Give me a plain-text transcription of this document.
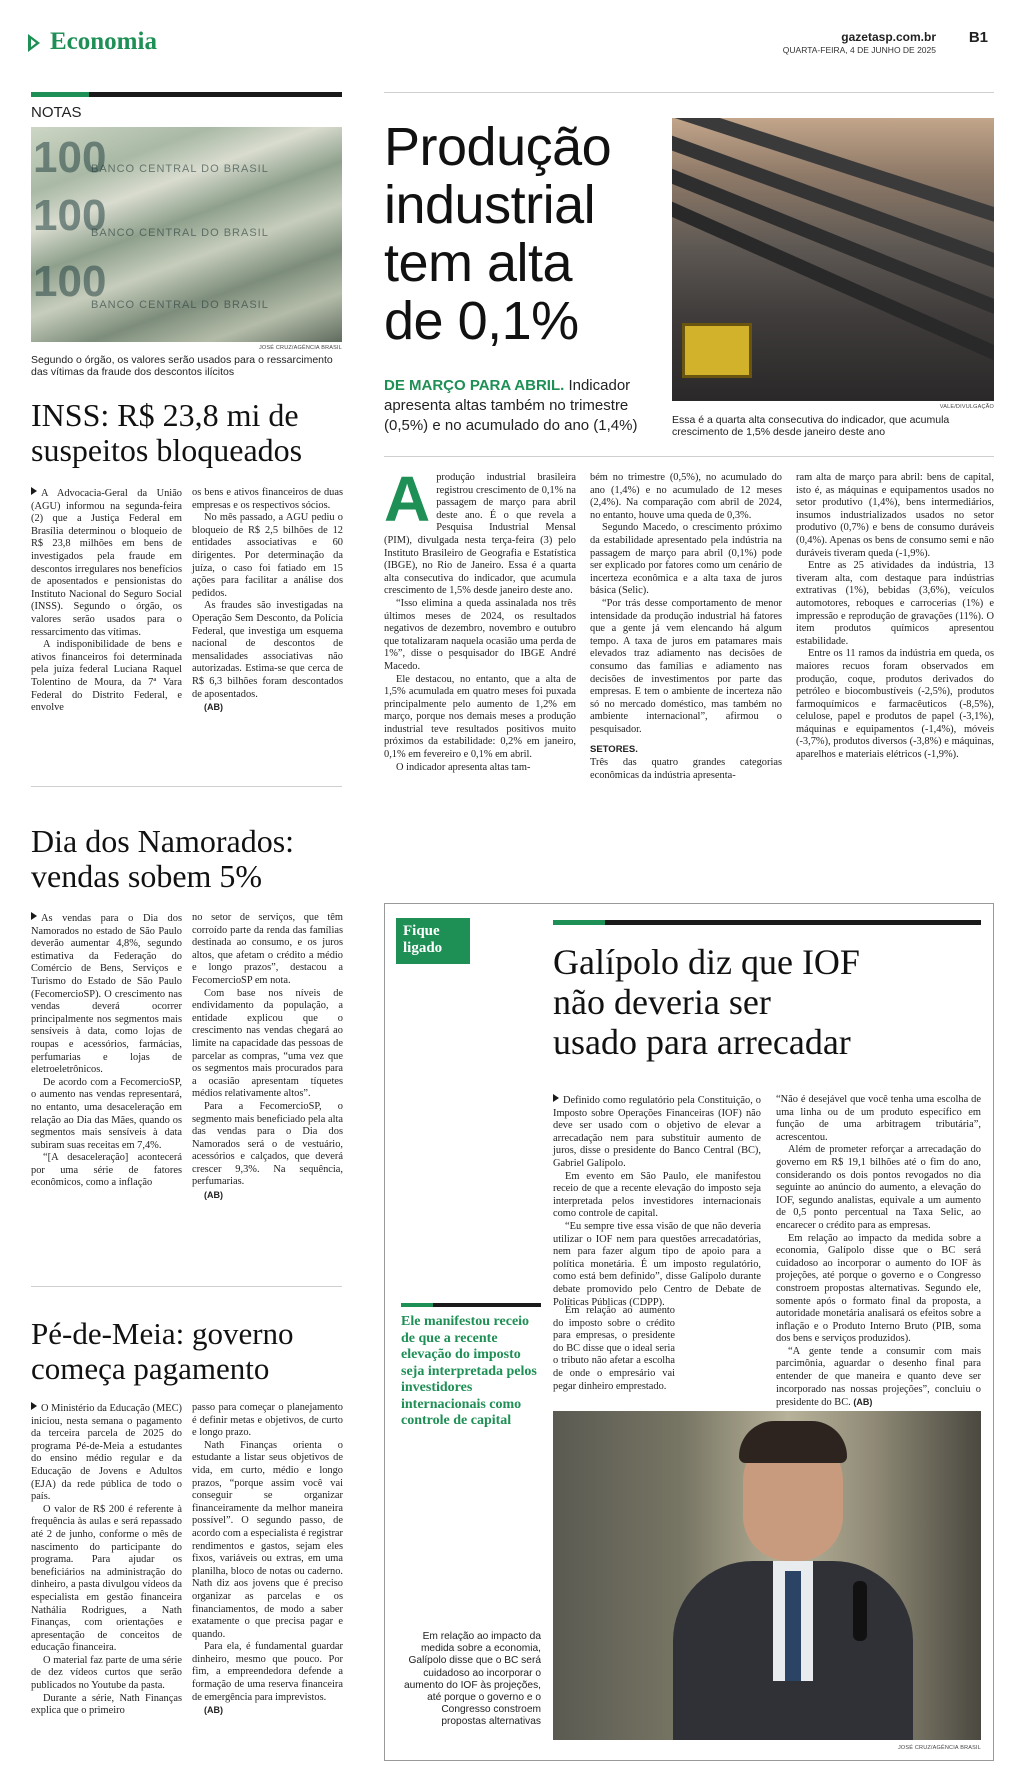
Economia	gazetasp.com.br
QUARTA-FEIRA, 4 DE JUNHO DE 2025
B1
NOTAS
100
100
100
BANCO CENTRAL DO BRASIL
BANCO CENTRAL DO BRASIL
BANCO CENTRAL DO BRASIL
JOSÉ CRUZ/AGÊNCIA BRASIL
Segundo o órgão, os valores serão usados para o ressarcimento das vítimas da fraude dos descontos ilícitos
INSS: R$ 23,8 mi de suspeitos bloqueados

A Advocacia-Geral da União (AGU) informou na segunda-feira (2) que a Justiça Federal em Brasília determinou o bloqueio de R$ 23,8 milhões em bens de investigados pela fraude em descontos irregulares nos benefícios de aposentados e pensionistas do Instituto Nacional do Seguro Social (INSS). Segundo o órgão, os valores serão usados para o ressarcimento das vítimas.

A indisponibilidade de bens e ativos financeiros foi determinada pela juíza federal Luciana Raquel Tolentino de Moura, da 7ª Vara Federal do Distrito Federal, e envolve

os bens e ativos financeiros de duas empresas e os respectivos sócios.

No mês passado, a AGU pediu o bloqueio de R$ 2,5 bilhões de 12 entidades associativas e 60 dirigentes. Por determinação da juíza, o caso foi fatiado em 15 ações para facilitar a análise dos pedidos.

As fraudes são investigadas na Operação Sem Desconto, da Polícia Federal, que investiga um esquema nacional de descontos de mensalidades associativas não autorizadas. Estima-se que cerca de R$ 6,3 bilhões foram descontados de aposentados.

(AB)

Dia dos Namorados: vendas sobem 5%

As vendas para o Dia dos Namorados no estado de São Paulo deverão aumentar 4,8%, segundo estimativa da Federação do Comércio de Bens, Serviços e Turismo do Estado de São Paulo (FecomercioSP). O crescimento nas vendas deverá ocorrer principalmente nos segmentos mais sensíveis à data, como lojas de roupas e acessórios, farmácias, perfumarias e lojas de eletroeletrônicos.

De acordo com a FecomercioSP, o aumento nas vendas representará, no entanto, uma desaceleração em relação ao Dia das Mães, quando os segmentos mais sensíveis à data subiram suas receitas em 7,4%.

“[A desaceleração] acontecerá por uma série de fatores econômicos, como a inflação

no setor de serviços, que têm corroído parte da renda das famílias destinada ao consumo, e os juros altos, que afetam o crédito a médio e longo prazos”, destacou a FecomercioSP em nota.

Com base nos níveis de endividamento da população, a entidade explicou que o crescimento nas vendas chegará ao limite na capacidade das pessoas de parcelar as compras, “uma vez que os segmentos mais procurados para a ocasião apresentam tíquetes médios relativamente altos”.

Para a FecomercioSP, o segmento mais beneficiado pela alta das vendas para o Dia dos Namorados será o de vestuário, acessórios e calçados, que deverá crescer 9,3%. Na sequência, perfumarias.

(AB)

Pé-de-Meia: governo começa pagamento

O Ministério da Educação (MEC) iniciou, nesta semana o pagamento da terceira parcela de 2025 do programa Pé-de-Meia a estudantes do ensino médio regular e da Educação de Jovens e Adultos (EJA) da rede pública de todo o país.

O valor de R$ 200 é referente à frequência às aulas e será repassado até 2 de junho, conforme o mês de nascimento do participante do programa. Para ajudar os beneficiários na administração do dinheiro, a pasta divulgou vídeos da especialista em gestão financeira Nathália Rodrigues, a Nath Finanças, com orientações e apresentação de conceitos de educação financeira.

O material faz parte de uma série de dez vídeos curtos que serão publicados no Youtube da pasta.

Durante a série, Nath Finanças explica que o primeiro

passo para começar o planejamento é definir metas e objetivos, de curto e longo prazo.

Nath Finanças orienta o estudante a listar seus objetivos de vida, em curto, médio e longo prazos, “porque assim você vai conseguir se organizar financeiramente da melhor maneira possível”. O segundo passo, de acordo com a especialista é registrar rendimentos e gastos, sejam eles fixos, variáveis ou extras, em uma planilha, bloco de notas ou caderno. Nath diz aos jovens que é preciso organizar as parcelas e os financiamentos, de modo a saber exatamente o que precisa pagar e quando.

Para ela, é fundamental guardar dinheiro, mesmo que pouco. Por fim, a empreendedora defende a formação de uma reserva financeira de emergência para imprevistos.

(AB)

Produção industrial tem alta de 0,1%
DE MARÇO PARA ABRIL. Indicador apresenta altas também no trimestre (0,5%) e no acumulado do ano (1,4%)
VALE/DIVULGAÇÃO
Essa é a quarta alta consecutiva do indicador, que acumula crescimento de 1,5% desde janeiro deste ano
A produção industrial brasileira registrou crescimento de 0,1% na passagem de março para abril deste ano. É o que revela a Pesquisa Industrial Mensal (PIM), divulgada nesta terça-feira (3) pelo Instituto Brasileiro de Geografia e Estatística (IBGE), no Rio de Janeiro. Essa é a quarta alta consecutiva do indicador, que acumula crescimento de 1,5% desde janeiro deste ano.

“Isso elimina a queda assinalada nos três últimos meses de 2024, os resultados negativos de dezembro, novembro e outubro que totalizaram naquela ocasião uma perda de 1%”, disse o pesquisador do IBGE André Macedo.

Ele destacou, no entanto, que a alta de 1,5% acumulada em quatro meses foi puxada principalmente pelo aumento de 1,2% em março, porque nos demais meses a produção industrial teve resultados positivos muito próximos da estabilidade: 0,2% em janeiro, 0,1% em fevereiro e 0,1% em abril.

O indicador apresenta altas tam-

bém no trimestre (0,5%), no acumulado do ano (1,4%) e no acumulado de 12 meses (2,4%). Na comparação com abril de 2024, no entanto, houve uma queda de 0,3%.

Segundo Macedo, o crescimento próximo da estabilidade apresentado pela indústria na passagem de março para abril (0,1%) pode ser explicado por fatores como um cenário de incerteza econômica e a alta taxa de juros básica (Selic).

“Por trás desse comportamento de menor intensidade da produção industrial há fatores que a gente já vem elencando há algum tempo. A taxa de juros em patamares mais elevados traz adiamento nas decisões de consumo das famílias e adiamento nas decisões de investimentos por parte das empresas. E tem o ambiente de incerteza não só no mercado doméstico, mas também no ambiente internacional”, afirmou o pesquisador.

SETORES.

Três das quatro grandes categorias econômicas da indústria apresenta-

ram alta de março para abril: bens de capital, isto é, as máquinas e equipamentos usados no setor produtivo (1,4%), bens intermediários, insumos industrializados usados no setor produtivo (0,7%) e bens de consumo duráveis (0,4%). Apenas os bens de consumo semi e não duráveis tiveram queda (-1,9%).

Entre as 25 atividades da indústria, 13 tiveram alta, com destaque para indústrias extrativas (1%), bebidas (3,6%), veículos automotores, reboques e carrocerias (1%) e impressão e reprodução de gravações (11%). O item produtos químicos apresentou estabilidade.

Entre os 11 ramos da indústria em queda, os maiores recuos foram observados em produção, coque, produtos derivados do petróleo e biocombustíveis (-2,5%), produtos farmoquímicos e farmacêuticos (-8,5%), celulose, papel e produtos de papel (-3,1%), máquinas e equipamentos (-1,4%), móveis (-3,7%), produtos diversos (-3,8%) e máquinas, aparelhos e materiais elétricos (-1,9%).

Fique ligado	Galípolo diz que IOF não deveria ser usado para arrecadar

Definido como regulatório pela Constituição, o Imposto sobre Operações Financeiras (IOF) não deve ser usado com o objetivo de elevar a arrecadação nem para substituir aumento de juros, disse o presidente do Banco Central (BC), Gabriel Galípolo.

Em evento em São Paulo, ele manifestou receio de que a recente elevação do imposto seja interpretada pelos investidores internacionais como controle de capital.

“Eu sempre tive essa visão de que não deveria utilizar o IOF nem para questões arrecadatórias, nem para fazer algum tipo de apoio para a política monetária. É um imposto regulatório, como está bem definido”, disse Galípolo durante debate promovido pelo Centro de Debate de Políticas Públicas (CDPP).

Em relação ao aumento do imposto sobre o crédito para empresas, o presidente do BC disse que o ideal seria o tributo não afetar a escolha de onde o empresário vai pegar dinheiro emprestado.

“Não é desejável que você tenha uma escolha de uma linha ou de um produto específico em função de uma arbitragem tributária”, acrescentou.

Além de prometer reforçar a arrecadação do governo em R$ 19,1 bilhões até o fim do ano, considerando os dois pontos revogados no dia seguinte ao anúncio do aumento, a elevação do IOF, segundo analistas, equivale a um aumento de 0,5 ponto percentual na Taxa Selic, ao encarecer o crédito para as empresas.

Em relação ao impacto da medida sobre a economia, Galípolo disse que o BC será cuidadoso ao incorporar o aumento do IOF às projeções, até porque o governo e o Congresso constroem propostas alternativas. Segundo ele, somente após o formato final da proposta, a autoridade monetária analisará os efeitos sobre a inflação e o Produto Interno Bruto (PIB, soma dos bens e serviços produzidos).

“A gente tende a consumir com mais parcimônia, aguardar o desenho final para entender de que maneira e quanto deve ser incorporado nas nossas projeções”, concluiu o presidente do BC. (AB)

Ele manifestou receio de que a recente elevação do imposto seja interpretada pelos investidores internacionais como controle de capital
Em relação ao impacto da medida sobre a economia, Galípolo disse que o BC será cuidadoso ao incorporar o aumento do IOF às projeções, até porque o governo e o Congresso constroem propostas alternativas
JOSÉ CRUZ/AGÊNCIA BRASIL
